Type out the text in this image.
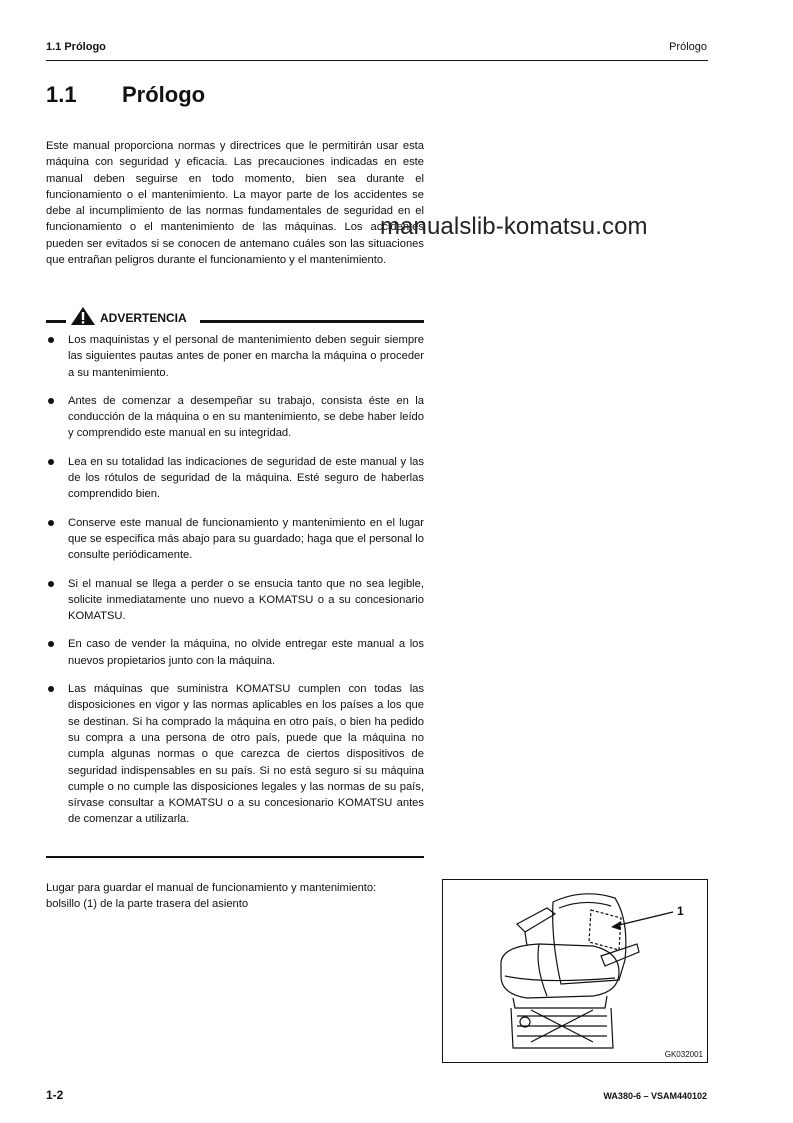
1.1 Prólogo	Prólogo
1.1 Prólogo
Este manual proporciona normas y directrices que le permitirán usar esta máquina con seguridad y eficacia. Las precauciones indicadas en este manual deben seguirse en todo momento, bien sea durante el funcionamiento o el mantenimiento. La mayor parte de los accidentes se debe al incumplimiento de las normas fundamentales de seguridad en el funcionamiento o el mantenimiento de las máquinas. Los accidentes pueden ser evitados si se conocen de antemano cuáles son las situaciones que entrañan peligros durante el funcionamiento y el mantenimiento.
manualslib-komatsu.com
ADVERTENCIA
Los maquinistas y el personal de mantenimiento deben seguir siempre las siguientes pautas antes de poner en marcha la máquina o proceder a su mantenimiento.
Antes de comenzar a desempeñar su trabajo, consista éste en la conducción de la máquina o en su mantenimiento, se debe haber leído y comprendido este manual en su integridad.
Lea en su totalidad las indicaciones de seguridad de este manual y las de los rótulos de seguridad de la máquina. Esté seguro de haberlas comprendido bien.
Conserve este manual de funcionamiento y mantenimiento en el lugar que se especifica más abajo para su guardado; haga que el personal lo consulte periódicamente.
Si el manual se llega a perder o se ensucia tanto que no sea legible, solicite inmediatamente uno nuevo a KOMATSU o a su concesionario KOMATSU.
En caso de vender la máquina, no olvide entregar este manual a los nuevos propietarios junto con la máquina.
Las máquinas que suministra KOMATSU cumplen con todas las disposiciones en vigor y las normas aplicables en los países a los que se destinan. Si ha comprado la máquina en otro país, o bien ha pedido su compra a una persona de otro país, puede que la máquina no cumpla algunas normas o que carezca de ciertos dispositivos de seguridad indispensables en su país. Si no está seguro si su máquina cumple o no cumple las disposiciones legales y las normas de su país, sírvase consultar a KOMATSU o a su concesionario KOMATSU antes de comenzar a utilizarla.
Lugar para guardar el manual de funcionamiento y mantenimiento:
bolsillo (1) de la parte trasera del asiento	1
GK032001
1-2	WA380-6 – VSAM440102
